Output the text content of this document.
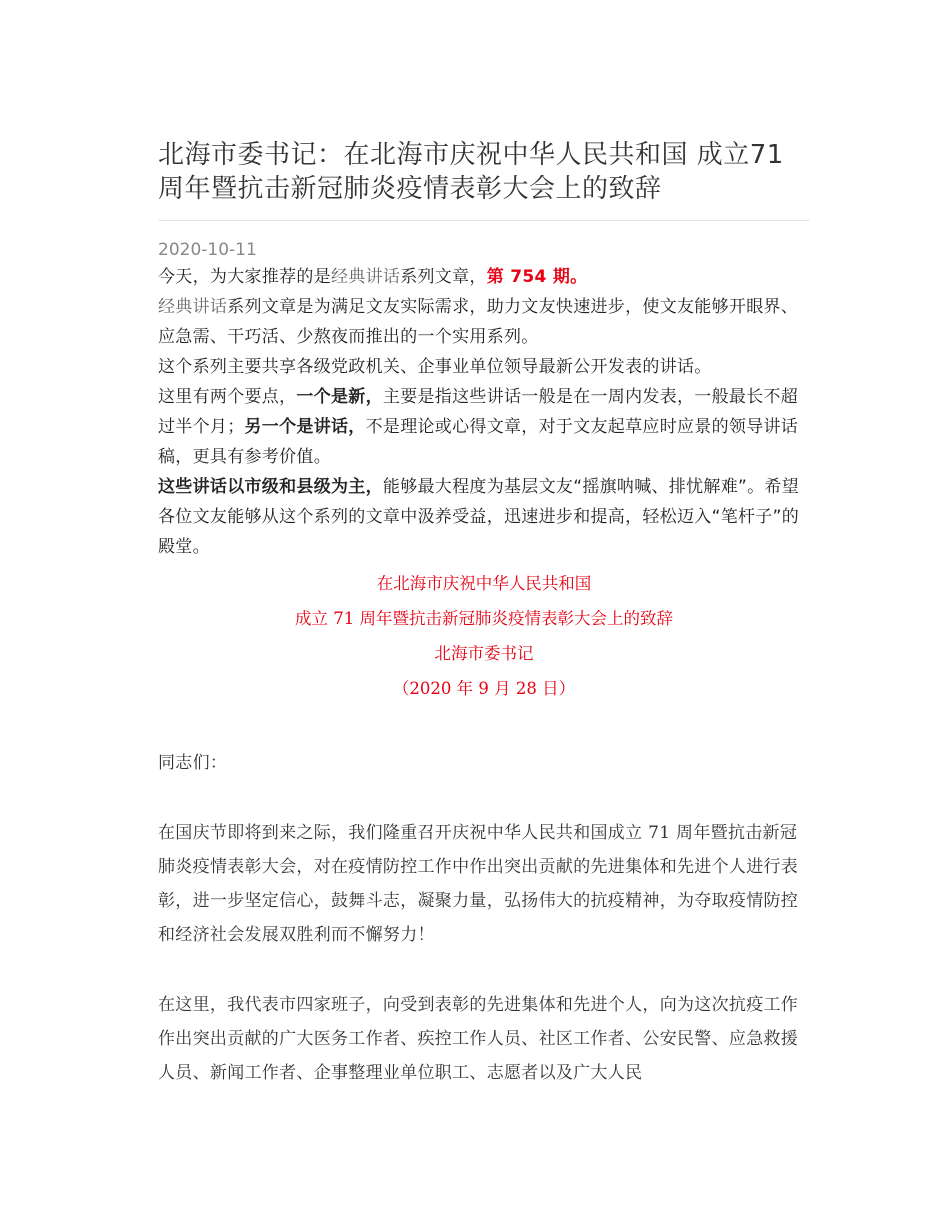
北海市委书记：在北海市庆祝中华人民共和国 成立71周年暨抗击新冠肺炎疫情表彰大会上的致辞
2020-10-11

今天，为大家推荐的是经典讲话系列文章，第 754 期。

经典讲话系列文章是为满足文友实际需求，助力文友快速进步，使文友能够开眼界、应急需、干巧活、少熬夜而推出的一个实用系列。

这个系列主要共享各级党政机关、企事业单位领导最新公开发表的讲话。

这里有两个要点，一个是新，主要是指这些讲话一般是在一周内发表，一般最长不超过半个月；另一个是讲话，不是理论或心得文章，对于文友起草应时应景的领导讲话稿，更具有参考价值。

这些讲话以市级和县级为主，能够最大程度为基层文友“摇旗呐喊、排忧解难”。希望各位文友能够从这个系列的文章中汲养受益，迅速进步和提高，轻松迈入“笔杆子”的殿堂。

在北海市庆祝中华人民共和国
成立 71 周年暨抗击新冠肺炎疫情表彰大会上的致辞
北海市委书记
（2020 年 9 月 28 日）

同志们：

在国庆节即将到来之际，我们隆重召开庆祝中华人民共和国成立 71 周年暨抗击新冠肺炎疫情表彰大会，对在疫情防控工作中作出突出贡献的先进集体和先进个人进行表彰，进一步坚定信心，鼓舞斗志，凝聚力量，弘扬伟大的抗疫精神，为夺取疫情防控和经济社会发展双胜利而不懈努力！

在这里，我代表市四家班子，向受到表彰的先进集体和先进个人，向为这次抗疫工作作出突出贡献的广大医务工作者、疾控工作人员、社区工作者、公安民警、应急救援人员、新闻工作者、企事整理业单位职工、志愿者以及广大人民
